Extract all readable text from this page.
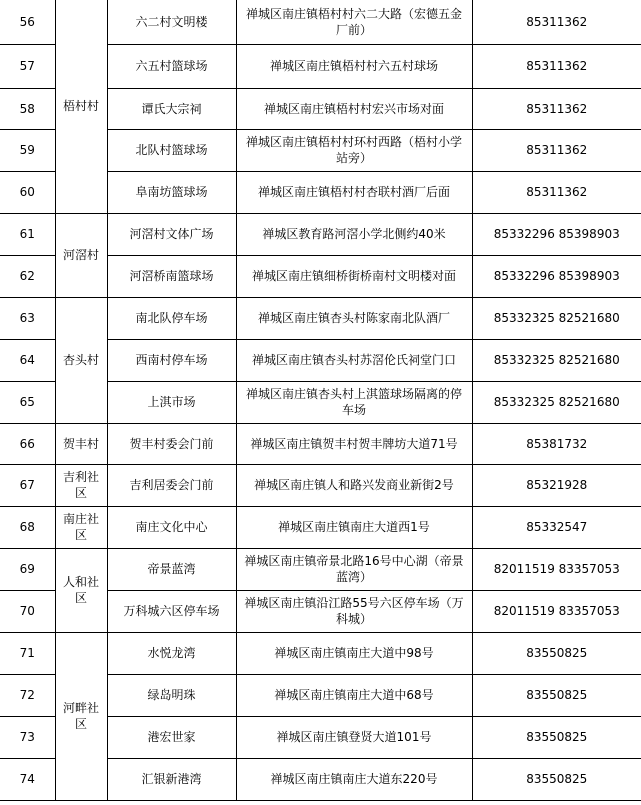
56	梧村村	六二村文明楼	禅城区南庄镇梧村村六二大路（宏德五金厂前）	85311362
57		六五村篮球场	禅城区南庄镇梧村村六五村球场	85311362
58		谭氏大宗祠	禅城区南庄镇梧村村宏兴市场对面	85311362
59		北队村篮球场	禅城区南庄镇梧村村环村西路（梧村小学站旁）	85311362
60		阜南坊篮球场	禅城区南庄镇梧村村杏联村酒厂后面	85311362
61	河滘村	河滘村文体广场	禅城区教育路河滘小学北侧约40米	85332296 85398903
62		河滘桥南篮球场	禅城区南庄镇细桥街桥南村文明楼对面	85332296 85398903
63	杏头村	南北队停车场	禅城区南庄镇杏头村陈家南北队酒厂	85332325 82521680
64		西南村停车场	禅城区南庄镇杏头村苏滘伦氏祠堂门口	85332325 82521680
65		上淇市场	禅城区南庄镇杏头村上淇篮球场隔离的停车场	85332325 82521680
66	贺丰村	贺丰村委会门前	禅城区南庄镇贺丰村贺丰牌坊大道71号	85381732
67	吉利社区	吉利居委会门前	禅城区南庄镇人和路兴发商业新街2号	85321928
68	南庄社区	南庄文化中心	禅城区南庄镇南庄大道西1号	85332547
69	人和社区	帝景蓝湾	禅城区南庄镇帝景北路16号中心湖（帝景蓝湾）	82011519 83357053
70		万科城六区停车场	禅城区南庄镇沿江路55号六区停车场（万科城）	82011519 83357053
71	河畔社区	水悦龙湾	禅城区南庄镇南庄大道中98号	83550825
72		绿岛明珠	禅城区南庄镇南庄大道中68号	83550825
73		港宏世家	禅城区南庄镇登贤大道101号	83550825
74		汇银新港湾	禅城区南庄镇南庄大道东220号	83550825
